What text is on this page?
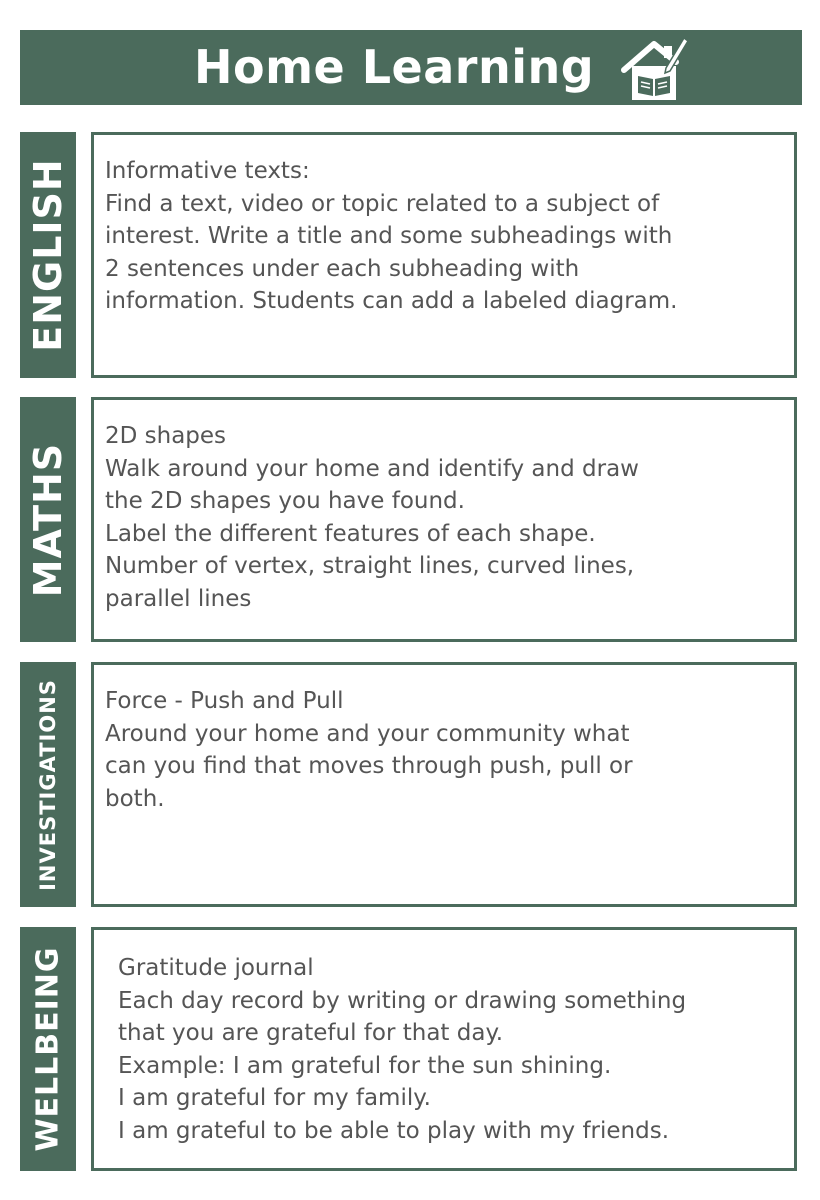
Home Learning
ENGLISH Informative texts:
Find a text, video or topic related to a subject of
interest. Write a title and some subheadings with
2 sentences under each subheading with
information. Students can add a labeled diagram.
MATHS
2D shapes
Walk around your home and identify and draw
the 2D shapes you have found.
Label the different features of each shape.
Number of vertex, straight lines, curved lines,
parallel lines
INVESTIGATIONS Force - Push and Pull
Around your home and your community what
can you find that moves through push, pull or
both.
WELLBEING Gratitude journal
Each day record by writing or drawing something
that you are grateful for that day.
Example: I am grateful for the sun shining.
I am grateful for my family.
I am grateful to be able to play with my friends.
